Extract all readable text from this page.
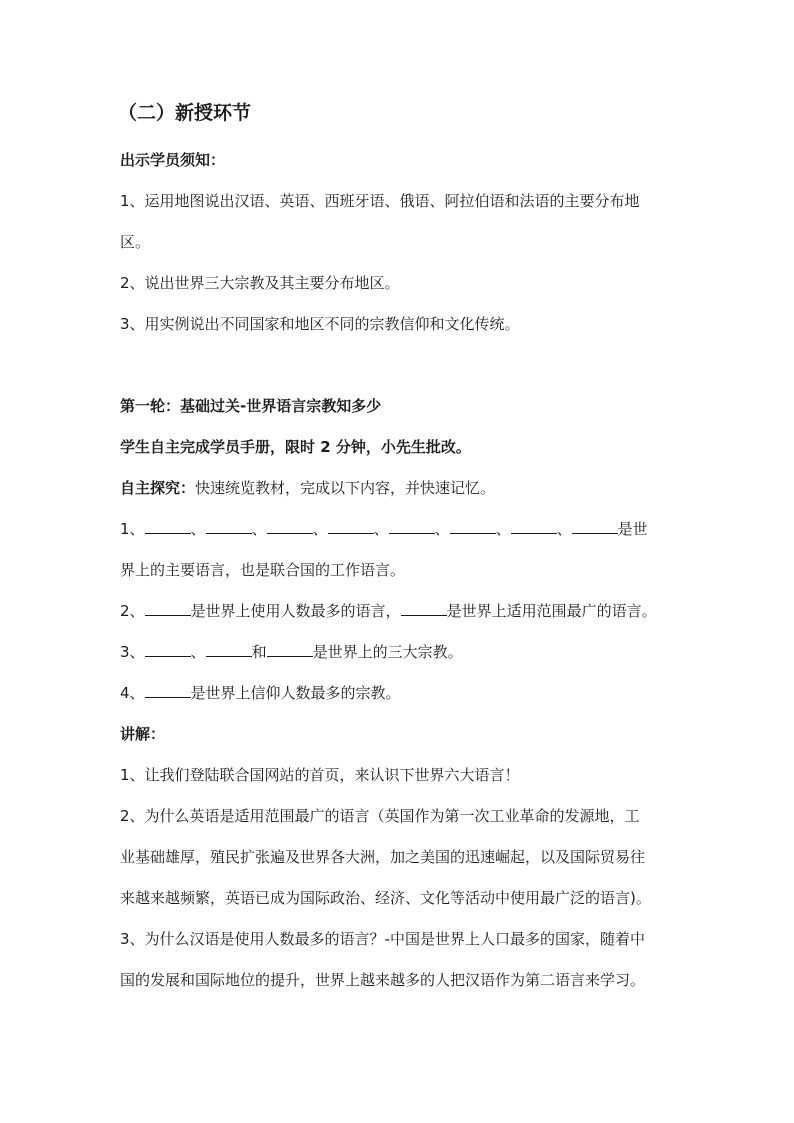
（二）新授环节
出示学员须知：
1、运用地图说出汉语、英语、西班牙语、俄语、阿拉伯语和法语的主要分布地
区。
2、说出世界三大宗教及其主要分布地区。
3、用实例说出不同国家和地区不同的宗教信仰和文化传统。
第一轮：基础过关-世界语言宗教知多少
学生自主完成学员手册，限时 2 分钟，小先生批改。
自主探究：快速统览教材，完成以下内容，并快速记忆。
1、	、	、	、	、	、	、	、	是世
界上的主要语言，也是联合国的工作语言。
2、	是世界上使用人数最多的语言，	是世界上适用范围最广的语言。
3、	、	和	是世界上的三大宗教。
4、	是世界上信仰人数最多的宗教。
讲解：
1、让我们登陆联合国网站的首页，来认识下世界六大语言！
2、为什么英语是适用范围最广的语言（英国作为第一次工业革命的发源地，工
业基础雄厚，殖民扩张遍及世界各大洲，加之美国的迅速崛起，以及国际贸易往
来越来越频繁，英语已成为国际政治、经济、文化等活动中使用最广泛的语言)。
3、为什么汉语是使用人数最多的语言？-中国是世界上人口最多的国家，随着中
国的发展和国际地位的提升，世界上越来越多的人把汉语作为第二语言来学习。
